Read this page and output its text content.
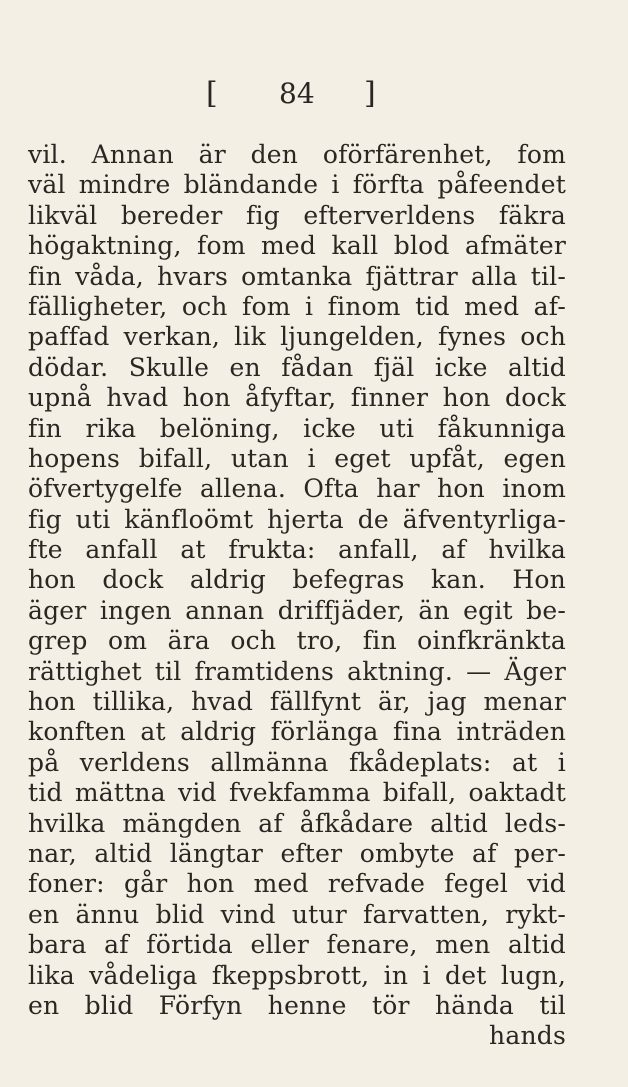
[ 84 ]
vil. Annan är den oförfärenhet, fom
väl mindre bländande i förfta påfeendet
likväl bereder fig efterverldens fäkra
högaktning, fom med kall blod afmäter
fin våda, hvars omtanka fjättrar alla til-
fälligheter, och fom i finom tid med af-
paffad verkan, lik ljungelden, fynes och
dödar. Skulle en fådan fjäl icke altid
upnå hvad hon åfyftar, finner hon dock
fin rika belöning, icke uti fåkunniga
hopens bifall, utan i eget upfåt, egen
öfvertygelfe allena. Ofta har hon inom
fig uti känfloömt hjerta de äfventyrliga-
fte anfall at frukta: anfall, af hvilka
hon dock aldrig befegras kan. Hon
äger ingen annan driffjäder, än egit be-
grep om ära och tro, fin oinfkränkta
rättighet til framtidens aktning. — Äger
hon tillika, hvad fällfynt är, jag menar
konften at aldrig förlänga fina inträden
på verldens allmänna fkådeplats: at i
tid mättna vid fvekfamma bifall, oaktadt
hvilka mängden af åfkådare altid leds-
nar, altid längtar efter ombyte af per-
foner: går hon med refvade fegel vid
en ännu blid vind utur farvatten, rykt-
bara af förtida eller fenare, men altid
lika vådeliga fkeppsbrott, in i det lugn,
en blid Förfyn henne tör hända til
hands
